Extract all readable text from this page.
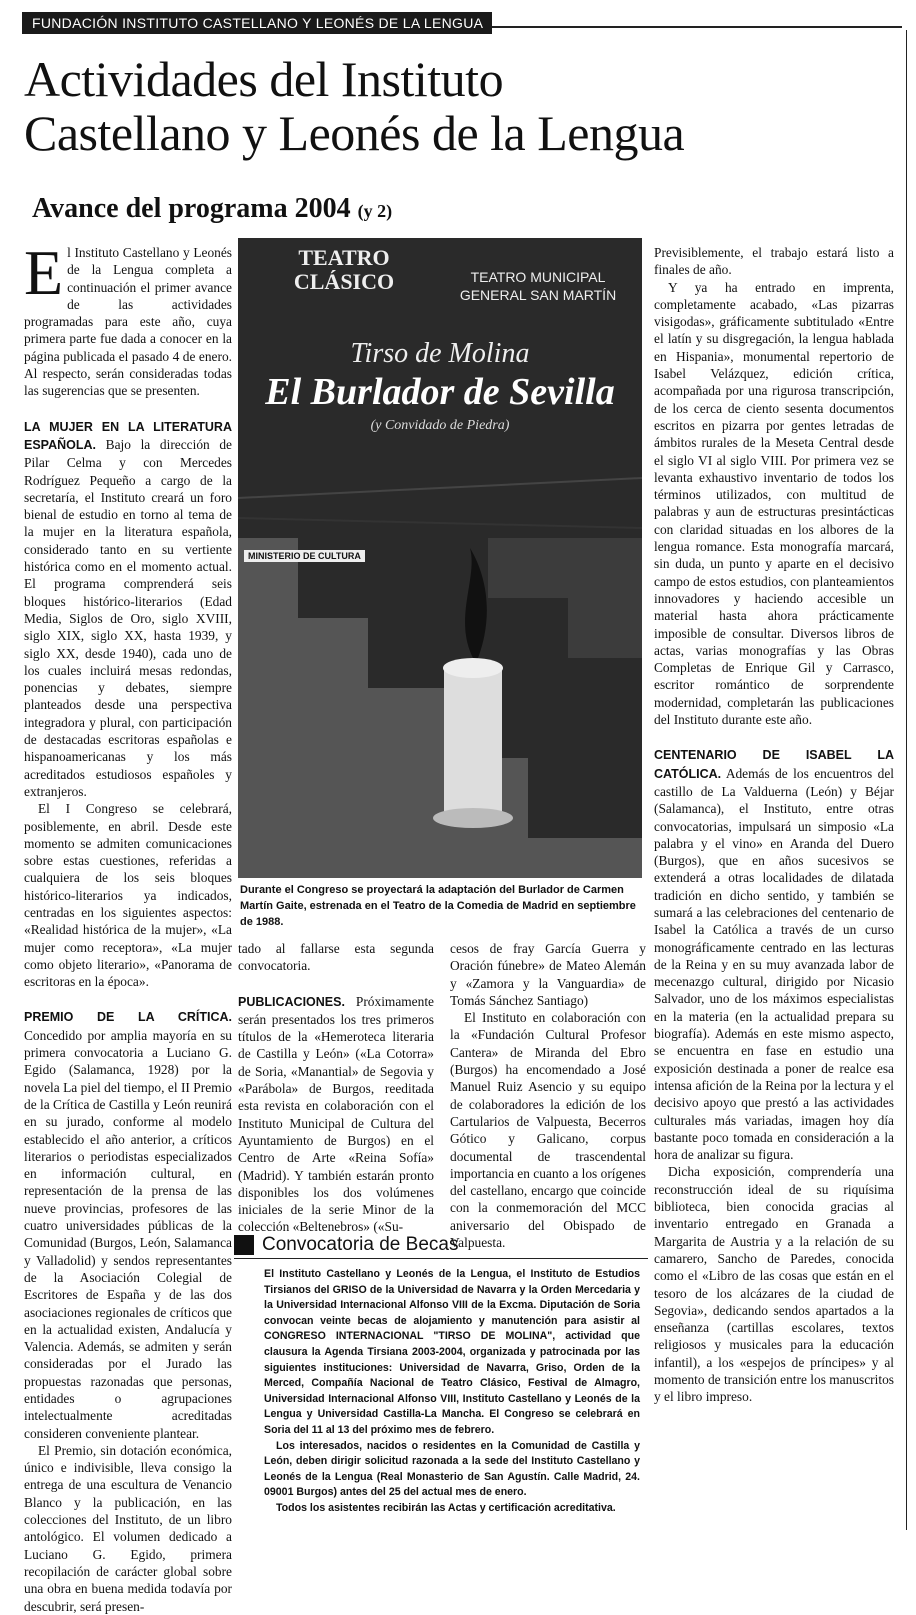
FUNDACIÓN INSTITUTO CASTELLANO Y LEONÉS DE LA LENGUA
Actividades del Instituto
Castellano y Leonés de la Lengua
Avance del programa 2004 (y 2)

El Instituto Castellano y Leonés de la Lengua completa a continuación el primer avance de las actividades programadas para este año, cuya primera parte fue dada a conocer en la página publicada el pasado 4 de enero. Al respecto, serán consideradas todas las sugerencias que se presenten.

LA MUJER EN LA LITERATURA ESPAÑOLA. Bajo la dirección de Pilar Celma y con Mercedes Rodríguez Pequeño a cargo de la secretaría, el Instituto creará un foro bienal de estudio en torno al tema de la mujer en la literatura española, considerado tanto en su vertiente histórica como en el momento actual. El programa comprenderá seis bloques histórico-literarios (Edad Media, Siglos de Oro, siglo XVIII, siglo XIX, siglo XX, hasta 1939, y siglo XX, desde 1940), cada uno de los cuales incluirá mesas redondas, ponencias y debates, siempre planteados desde una perspectiva integradora y plural, con participación de destacadas escritoras españolas e hispanoamericanas y los más acreditados estudiosos españoles y extranjeros.

El I Congreso se celebrará, posiblemente, en abril. Desde este momento se admiten comunicaciones sobre estas cuestiones, referidas a cualquiera de los seis bloques histórico-literarios ya indicados, centradas en los siguientes aspectos: «Realidad histórica de la mujer», «La mujer como receptora», «La mujer como objeto literario», «Panorama de escritoras en la época».

PREMIO DE LA CRÍTICA. Concedido por amplia mayoría en su primera convocatoria a Luciano G. Egido (Salamanca, 1928) por la novela La piel del tiempo, el II Premio de la Crítica de Castilla y León reunirá en su jurado, conforme al modelo establecido el año anterior, a críticos literarios o periodistas especializados en información cultural, en representación de la prensa de las nueve provincias, profesores de las cuatro universidades públicas de la Comunidad (Burgos, León, Salamanca y Valladolid) y sendos representantes de la Asociación Colegial de Escritores de España y de las dos asociaciones regionales de críticos que en la actualidad existen, Andalucía y Valencia. Además, se admiten y serán consideradas por el Jurado las propuestas razonadas que personas, entidades o agrupaciones intelectualmente acreditadas consideren conveniente plantear.

El Premio, sin dotación económica, único e indivisible, lleva consigo la entrega de una escultura de Venancio Blanco y la publicación, en las colecciones del Instituto, de un libro antológico. El volumen dedicado a Luciano G. Egido, primera recopilación de carácter global sobre una obra en buena medida todavía por descubrir, será presen-

TEATRO CLÁSICO	TEATRO MUNICIPAL
GENERAL SAN MARTÍN
Tirso de Molina
El Burlador de Sevilla
(y Convidado de Piedra)
MINISTERIO DE CULTURA
Durante el Congreso se proyectará la adaptación del Burlador de Carmen Martín Gaite, estrenada en el Teatro de la Comedia de Madrid en septiembre de 1988.

tado al fallarse esta segunda convocatoria.

PUBLICACIONES. Próximamente serán presentados los tres primeros títulos de la «Hemeroteca literaria de Castilla y León» («La Cotorra» de Soria, «Manantial» de Segovia y «Parábola» de Burgos, reeditada esta revista en colaboración con el Instituto Municipal de Cultura del Ayuntamiento de Burgos) en el Centro de Arte «Reina Sofía» (Madrid). Y también estarán pronto disponibles los dos volúmenes iniciales de la serie Minor de la colección «Beltenebros» («Su-

cesos de fray García Guerra y Oración fúnebre» de Mateo Alemán y «Zamora y la Vanguardia» de Tomás Sánchez Santiago)

El Instituto en colaboración con la «Fundación Cultural Profesor Cantera» de Miranda del Ebro (Burgos) ha encomendado a José Manuel Ruiz Asencio y su equipo de colaboradores la edición de los Cartularios de Valpuesta, Becerros Gótico y Galicano, corpus documental de trascendental importancia en cuanto a los orígenes del castellano, encargo que coincide con la conmemoración del MCC aniversario del Obispado de Valpuesta.

Previsiblemente, el trabajo estará listo a finales de año.

Y ya ha entrado en imprenta, completamente acabado, «Las pizarras visigodas», gráficamente subtitulado «Entre el latín y su disgregación, la lengua hablada en Hispania», monumental repertorio de Isabel Velázquez, edición crítica, acompañada por una rigurosa transcripción, de los cerca de ciento sesenta documentos escritos en pizarra por gentes letradas de ámbitos rurales de la Meseta Central desde el siglo VI al siglo VIII. Por primera vez se levanta exhaustivo inventario de todos los términos utilizados, con multitud de palabras y aun de estructuras presintácticas con claridad situadas en los albores de la lengua romance. Esta monografía marcará, sin duda, un punto y aparte en el decisivo campo de estos estudios, con planteamientos innovadores y haciendo accesible un material hasta ahora prácticamente imposible de consultar. Diversos libros de actas, varias monografías y las Obras Completas de Enrique Gil y Carrasco, escritor romántico de sorprendente modernidad, completarán las publicaciones del Instituto durante este año.

CENTENARIO DE ISABEL LA CATÓLICA. Además de los encuentros del castillo de La Valduerna (León) y Béjar (Salamanca), el Instituto, entre otras convocatorias, impulsará un simposio «La palabra y el vino» en Aranda del Duero (Burgos), que en años sucesivos se extenderá a otras localidades de dilatada tradición en dicho sentido, y también se sumará a las celebraciones del centenario de Isabel la Católica a través de un curso monográficamente centrado en las lecturas de la Reina y en su muy avanzada labor de mecenazgo cultural, dirigido por Nicasio Salvador, uno de los máximos especialistas en la materia (en la actualidad prepara su biografía). Además en este mismo aspecto, se encuentra en fase en estudio una exposición destinada a poner de realce esa intensa afición de la Reina por la lectura y el decisivo apoyo que prestó a las actividades culturales más variadas, imagen hoy día bastante poco tomada en consideración a la hora de analizar su figura.

Dicha exposición, comprendería una reconstrucción ideal de su riquísima biblioteca, bien conocida gracias al inventario entregado en Granada a Margarita de Austria y a la relación de su camarero, Sancho de Paredes, conocida como el «Libro de las cosas que están en el tesoro de los alcázares de la ciudad de Segovia», dedicando sendos apartados a la enseñanza (cartillas escolares, textos religiosos y musicales para la educación infantil), a los «espejos de príncipes» y al momento de transición entre los manuscritos y el libro impreso.

Convocatoria de Becas

El Instituto Castellano y Leonés de la Lengua, el Instituto de Estudios Tirsianos del GRISO de la Universidad de Navarra y la Orden Mercedaria y la Universidad Internacional Alfonso VIII de la Excma. Diputación de Soria convocan veinte becas de alojamiento y manutención para asistir al CONGRESO INTERNACIONAL "TIRSO DE MOLINA", actividad que clausura la Agenda Tirsiana 2003-2004, organizada y patrocinada por las siguientes instituciones: Universidad de Navarra, Griso, Orden de la Merced, Compañía Nacional de Teatro Clásico, Festival de Almagro, Universidad Internacional Alfonso VIII, Instituto Castellano y Leonés de la Lengua y Universidad Castilla-La Mancha. El Congreso se celebrará en Soria del 11 al 13 del próximo mes de febrero.

Los interesados, nacidos o residentes en la Comunidad de Castilla y León, deben dirigir solicitud razonada a la sede del Instituto Castellano y Leonés de la Lengua (Real Monasterio de San Agustín. Calle Madrid, 24. 09001 Burgos) antes del 25 del actual mes de enero.

Todos los asistentes recibirán las Actas y certificación acreditativa.
